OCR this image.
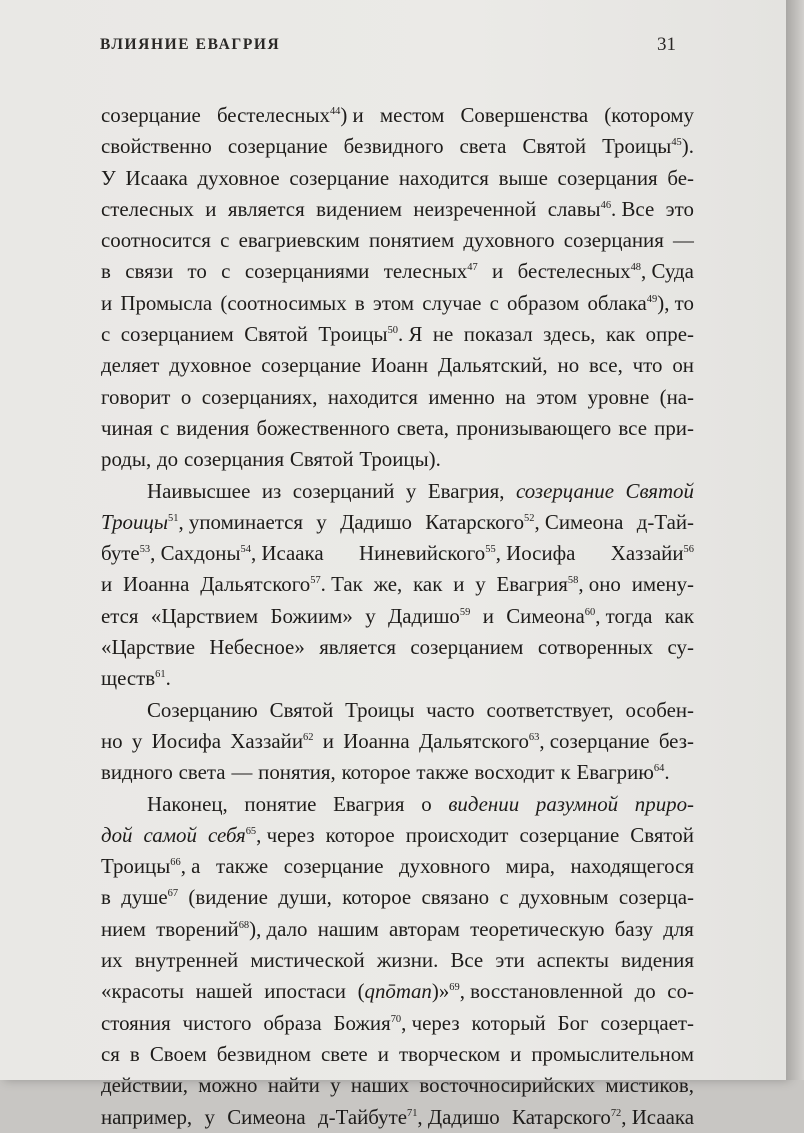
ВЛИЯНИЕ ЕВАГРИЯ	31
созерцание бестелесных$^{44}$) и местом Совершенства (которому
свойственно созерцание безвидного света Святой Троицы$^{45}$).
У Исаака духовное созерцание находится выше созерцания бе-
стелесных и является видением неизреченной славы$^{46}$. Все это
соотносится с евагриевским понятием духовного созерцания —
в связи то с созерцаниями телесных$^{47}$ и бестелесных$^{48}$, Суда
и Промысла (соотносимых в этом случае с образом облака$^{49}$), то
с созерцанием Святой Троицы$^{50}$. Я не показал здесь, как опре-
деляет духовное созерцание Иоанн Дальятский, но все, что он
говорит о созерцаниях, находится именно на этом уровне (на-
чиная с видения божественного света, пронизывающего все при-
роды, до созерцания Святой Троицы).
Наивысшее из созерцаний у Евагрия, созерцание Святой
Троицы$^{51}$, упоминается у Дадишо Катарского$^{52}$, Симеона д-Тай-
буте$^{53}$, Сахдоны$^{54}$, Исаака Ниневийского$^{55}$, Иосифа Хаззайи$^{56}$
и Иоанна Дальятского$^{57}$. Так же, как и у Евагрия$^{58}$, оно имену-
ется «Царствием Божиим» у Дадишо$^{59}$ и Симеона$^{60}$, тогда как
«Царствие Небесное» является созерцанием сотворенных су-
ществ$^{61}$.
Созерцанию Святой Троицы часто соответствует, особен-
но у Иосифа Хаззайи$^{62}$ и Иоанна Дальятского$^{63}$, созерцание без-
видного света — понятия, которое также восходит к Евагрию$^{64}$.
Наконец, понятие Евагрия о видении разумной приро-
дой самой себя$^{65}$, через которое происходит созерцание Святой
Троицы$^{66}$, а также созерцание духовного мира, находящегося
в душе$^{67}$ (видение души, которое связано с духовным созерца-
нием творений$^{68}$), дало нашим авторам теоретическую базу для
их внутренней мистической жизни. Все эти аспекты видения
«красоты нашей ипостаси (qnōman)»$^{69}$, восстановленной до со-
стояния чистого образа Божия$^{70}$, через который Бог созерцает-
ся в Своем безвидном свете и творческом и промыслительном
действии, можно найти у наших восточносирийских мистиков,
например, у Симеона д-Тайбуте$^{71}$, Дадишо Катарского$^{72}$, Исаака
